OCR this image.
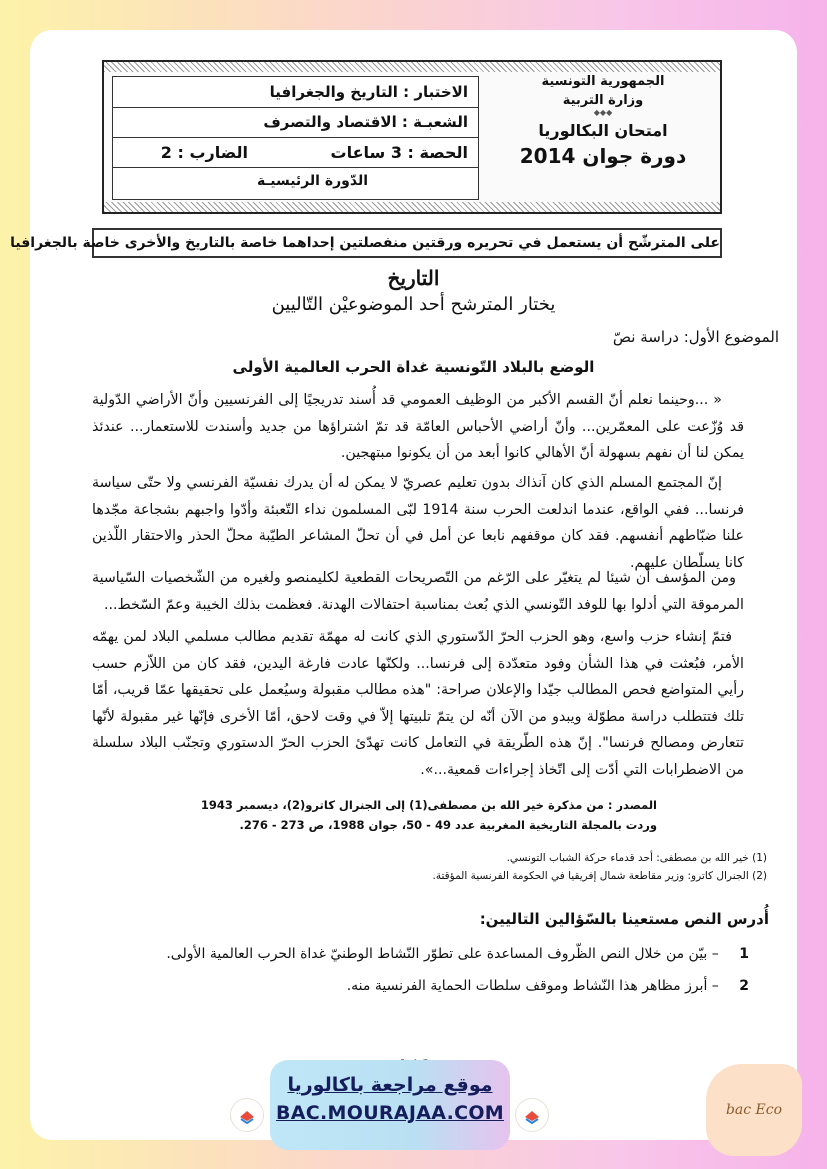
الاختبار : التاريخ والجغرافيا
الشعبـة : الاقتصاد والتصرف
الحصة : 3 ساعات
الضارب : 2
الدّورة الرئيسيـة
الجمهورية التونسية
وزارة التربية
◆◆◆
امتحان البكالوريا
دورة جوان 2014
على المترشّح أن يستعمل في تحريره ورقتين منفصلتين إحداهما خاصة بالتاريخ والأخرى خاصة بالجغرافيا
التاريخ
يختار المترشح أحد الموضوعيْن التّاليين
الموضوع الأول: دراسة نصّ
الوضع بالبلاد التّونسية غداة الحرب العالمية الأولى
« ...وحينما نعلم أنّ القسم الأكبر من الوظيف العمومي قد أُسند تدريجيًا إلى الفرنسيين وأنّ الأراضي الدّولية قد وُزّعت على المعمّرين... وأنّ أراضي الأحباس العامّة قد تمّ اشتراؤها من جديد وأسندت للاستعمار... عندئذ يمكن لنا أن نفهم بسهولة أنّ الأهالي كانوا أبعد من أن يكونوا مبتهجين.
إنّ المجتمع المسلم الذي كان آنذاك بدون تعليم عصريّ لا يمكن له أن يدرك نفسيّة الفرنسي ولا حتّى سياسة فرنسا... ففي الواقع، عندما اندلعت الحرب سنة 1914 لبّى المسلمون نداء التّعبئة وأدّوا واجبهم بشجاعة مجّدها علنا ضبّاطهم أنفسهم. فقد كان موقفهم نابعا عن أمل في أن تحلّ المشاعر الطيّبة محلّ الحذر والاحتقار اللّذين كانا يسلّطان عليهم.
ومن المؤسف أن شيئا لم يتغيّر على الرّغم من التّصريحات القطعية لكليمنصو ولغيره من الشّخصيات السّياسية المرموقة التي أدلوا بها للوفد التّونسي الذي بُعث بمناسبة احتفالات الهدنة. فعظمت بذلك الخيبة وعمّ السّخط...
فتمّ إنشاء حزب واسع، وهو الحزب الحرّ الدّستوري الذي كانت له مهمّة تقديم مطالب مسلمي البلاد لمن يهمّه الأمر، فبُعثت في هذا الشأن وفود متعدّدة إلى فرنسا... ولكنّها عادت فارغة اليدين، فقد كان من اللاّزم حسب رأيي المتواضع فحص المطالب جيّدا والإعلان صراحة: "هذه مطالب مقبولة وسيُعمل على تحقيقها عمّا قريب، أمّا تلك فتتطلب دراسة مطوّلة ويبدو من الآن أنّه لن يتمّ تلبيتها إلاّ في وقت لاحق، أمّا الأخرى فإنّها غير مقبولة لأنّها تتعارض ومصالح فرنسا". إنّ هذه الطّريقة في التعامل كانت تهدّئ الحزب الحرّ الدستوري وتجنّب البلاد سلسلة من الاضطرابات التي أدّت إلى اتّخاذ إجراءات قمعية...».
المصدر : من مذكرة خير الله بن مصطفى(1) إلى الجنرال كاترو(2)، ديسمبر 1943
وردت بالمجلة التاريخية المغربية عدد 49 - 50، جوان 1988، ص 273 - 276.
(1) خير الله بن مصطفى: أحد قدماء حركة الشباب التونسي.
(2) الجنرال كاترو: وزير مقاطعة شمال إفريقيا في الحكومة الفرنسية المؤقتة.
أُدرس النص مستعينا بالسّؤالين التاليين:
1 – بيّن من خلال النص الظّروف المساعدة على تطوّر النّشاط الوطنيّ غداة الحرب العالمية الأولى.
2 – أبرز مظاهر هذا النّشاط وموقف سلطات الحماية الفرنسية منه.
موقع مراجعة باكالوريا
BAC.MOURAJAA.COM	bac Eco
